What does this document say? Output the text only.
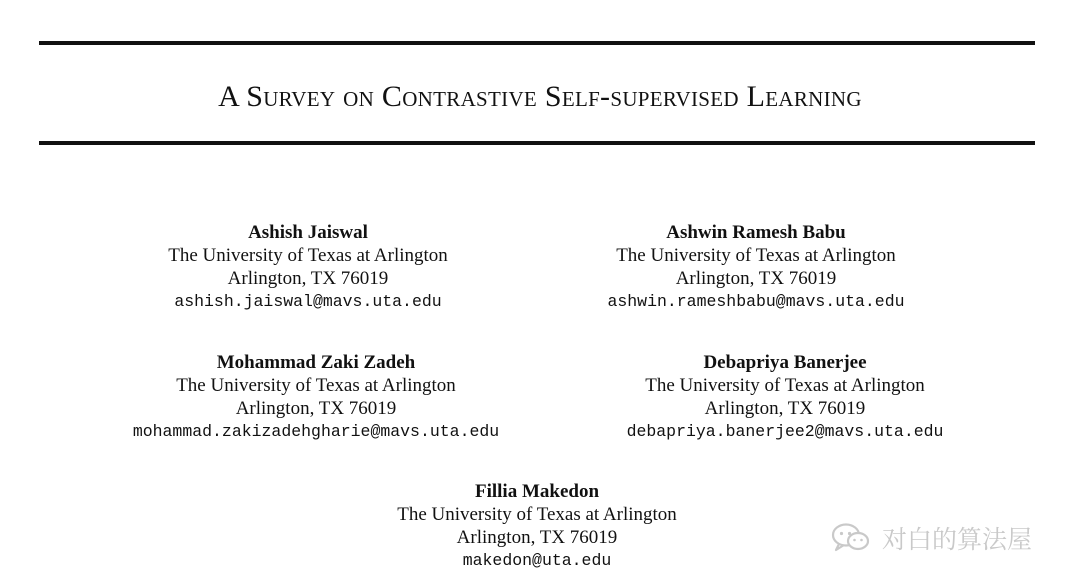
A Survey on Contrastive Self-supervised Learning
Ashish Jaiswal
The University of Texas at Arlington
Arlington, TX 76019
ashish.jaiswal@mavs.uta.edu
Ashwin Ramesh Babu
The University of Texas at Arlington
Arlington, TX 76019
ashwin.rameshbabu@mavs.uta.edu
Mohammad Zaki Zadeh
The University of Texas at Arlington
Arlington, TX 76019
mohammad.zakizadehgharie@mavs.uta.edu
Debapriya Banerjee
The University of Texas at Arlington
Arlington, TX 76019
debapriya.banerjee2@mavs.uta.edu
Fillia Makedon
The University of Texas at Arlington
Arlington, TX 76019
makedon@uta.edu
对白的算法屋
